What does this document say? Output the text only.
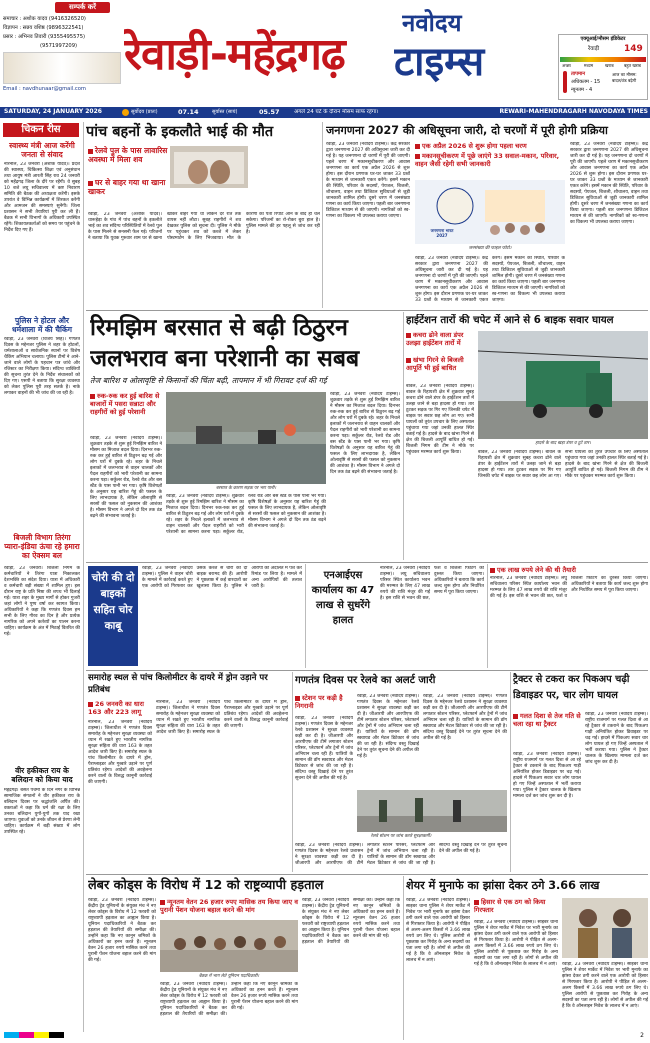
सम्पर्क करें
समाचार : अशोक यादव (9416326520)
विज्ञापन : सन्नय वशिष्ठ (9896322541)
प्रसार : अभिनव तिवारी (9355495575)
(9571997209)
Email : navdhunaar@gmail.com
रेवाड़ी-महेंद्रगढ़
नवोदय
टाइम्स	एक्यूआई/मौसम इंडिकेटर
रेवाड़ी	149
अच्छा	मध्यम	खराब	बहुत खराब
तापमान
अधिकतम - 15
न्यूनतम - 4
आज का मौसम: बादल/ठंड बढ़ेगी
SATURDAY, 24 JANUARY 2026	सूर्योदय (प्रातः)	07.14	सूर्यास्त (सायं)	05.57	अगले 24 घंटे के दौरान मौसम साफ रहेगा।	REWARI-MAHENDRAGARH NAVODAYA TIMES
चिकन रीस
स्वास्थ्य मंत्री आज करेंगी जनता से संवाद
नारनौल, 23 जनवरी (अशोक यादव)। प्रदेश की स्वास्थ्य, चिकित्सा शिक्षा एवं अनुसंधान तथा आयुष मंत्री आरती सिंह राव 24 जनवरी को महेंद्रगढ़ जिला के दौरे पर रहेंगी। वे सुबह 10 बजे लघु सचिवालय में कष्ट निवारण समिति की बैठक की अध्यक्षता करेंगी। इसके उपरांत वे विभिन्न कार्यक्रमों में शिरकत करेंगी और आमजन की समस्याएं सुनेंगी। जिला प्रशासन ने सभी तैयारियां पूरी कर ली हैं। बैठक में सभी विभागों के अधिकारी उपस्थित रहेंगे। शिकायतकर्ताओं को समय पर पहुंचने के निर्देश दिए गए हैं।
पुलिस ने होटल और धर्मशाला में की चैकिंग
रेवाड़ी, 23 जनवरी (विजय सिंह)। गणतंत्र दिवस के मद्देनजर पुलिस ने शहर के होटलों, धर्मशालाओं व सार्वजनिक स्थानों पर विशेष चैकिंग अभियान चलाया। पुलिस टीमों ने आने-जाने वाले लोगों के पहचान पत्र जांचे और रजिस्टर का निरीक्षण किया। संदिग्ध व्यक्तियों की सूचना तुरंत देने के निर्देश संचालकों को दिए गए। एसपी ने बताया कि सुरक्षा व्यवस्था को लेकर पुलिस पूरी तरह सतर्क है। नाके लगाकर वाहनों की भी जांच की जा रही है।
बिजली विभाग तिरंगा प्यारा-इंडिया ऊंचा रहे हमारा का ऐक्सम बल
रेवाड़ी, 23 जनवरी। बिजली निगम के कर्मचारियों ने तिरंगा यात्रा निकालकर देशभक्ति का संदेश दिया। यात्रा में अधिकारी व कर्मचारी बड़ी संख्या में शामिल हुए। इस दौरान राष्ट्र के प्रति निष्ठा की शपथ भी दिलाई गई। यात्रा शहर के मुख्य मार्गों से होकर गुजरी जहां लोगों ने पुष्प वर्षा कर स्वागत किया। अधिकारियों ने कहा कि गणतंत्र दिवस हम सभी के लिए गौरव का दिन है और प्रत्येक नागरिक को अपने कर्तव्यों का पालन करना चाहिए। कार्यक्रम के अंत में मिठाई वितरित की गई।
वीर हकीकत राय के बलिदान को किया याद
महेंद्रगढ़। बसंत पंचमी के दिन नगर के विभिन्न सामाजिक संगठनों ने वीर हकीकत राय के बलिदान दिवस पर श्रद्धांजलि अर्पित की। वक्ताओं ने कहा कि धर्म की रक्षा के लिए उनका बलिदान युगों-युगों तक याद रखा जाएगा। युवाओं को उनके जीवन से प्रेरणा लेनी चाहिए। कार्यक्रम में बड़ी संख्या में लोग उपस्थित रहे।
पांच बहनों के इकलौते भाई की मौत
रेलवे पुल के पास लावारिस अवस्था में मिला शव
घर से बाहर गया था खाना खाकर
रेवाड़ी, 23 जनवरी (अशोक यादव)। धारूहेड़ा के गांव में पांच बहनों के इकलौते भाई का शव संदिग्ध परिस्थितियों में रेलवे पुल के पास मिलने से सनसनी फैल गई। परिजनों ने बताया कि युवक गुरुवार शाम घर से खाना खाकर बाहर गया था लेकिन देर रात तक वापस नहीं लौटा। सुबह राहगीरों ने शव देखकर पुलिस को सूचना दी। पुलिस ने मौके पर पहुंचकर शव को कब्जे में लेकर पोस्टमार्टम के लिए भिजवाया। मौत के कारणों का पता रिपोर्ट आने के बाद ही चल सकेगा। परिजनों का रो-रोकर बुरा हाल है। पुलिस मामले की हर पहलू से जांच कर रही है।
जनगणना 2027 की अधिसूचना जारी, दो चरणों में पूरी होगी प्रक्रिया
रेवाड़ी, 23 जनवरी (नवोदय टाइम्स)। केंद्र सरकार द्वारा जनगणना 2027 की अधिसूचना जारी कर दी गई है। यह जनगणना दो चरणों में पूरी की जाएगी। पहले चरण में मकानसूचीकरण और आवास जनगणना का कार्य एक अप्रैल 2026 से शुरू होगा। इस दौरान प्रगणक घर-घर जाकर 33 प्रश्नों के माध्यम से जानकारी एकत्र करेंगे। इसमें मकान की स्थिति, परिवार के सदस्यों, पेयजल, बिजली, शौचालय, वाहन तथा डिजिटल सुविधाओं से जुड़ी जानकारी शामिल होगी। दूसरे चरण में जनसंख्या गणना का कार्य किया जाएगा। पहली बार जनगणना डिजिटल माध्यम से की जाएगी। नागरिकों को स्व-गणना का विकल्प भी उपलब्ध कराया जाएगा।
एक अप्रैल 2026 से शुरू होगा पहला चरण
मकानसूचीकरण में पूछे जाएंगे 33 सवाल-मकान, परिवार, वाहन जैसी रहेगी सभी जानकारी
जनगणना भारत 2027
जनसंख्या की फाइल फोटो।
रेवाड़ी, 23 जनवरी (नवोदय टाइम्स)। केंद्र सरकार द्वारा जनगणना 2027 की अधिसूचना जारी कर दी गई है। यह जनगणना दो चरणों में पूरी की जाएगी। पहले चरण में मकानसूचीकरण और आवास जनगणना का कार्य एक अप्रैल 2026 से शुरू होगा। इस दौरान प्रगणक घर-घर जाकर 33 प्रश्नों के माध्यम से जानकारी एकत्र करेंगे। इसमें मकान की स्थिति, परिवार के सदस्यों, पेयजल, बिजली, शौचालय, वाहन तथा डिजिटल सुविधाओं से जुड़ी जानकारी शामिल होगी। दूसरे चरण में जनसंख्या गणना का कार्य किया जाएगा। पहली बार जनगणना डिजिटल माध्यम से की जाएगी। नागरिकों को स्व-गणना का विकल्प भी उपलब्ध कराया जाएगा।
रेवाड़ी, 23 जनवरी (नवोदय टाइम्स)। केंद्र सरकार द्वारा जनगणना 2027 की अधिसूचना जारी कर दी गई है। यह जनगणना दो चरणों में पूरी की जाएगी। पहले चरण में मकानसूचीकरण और आवास जनगणना का कार्य एक अप्रैल 2026 से शुरू होगा। इस दौरान प्रगणक घर-घर जाकर 33 प्रश्नों के माध्यम से जानकारी एकत्र करेंगे। इसमें मकान की स्थिति, परिवार के सदस्यों, पेयजल, बिजली, शौचालय, वाहन तथा डिजिटल सुविधाओं से जुड़ी जानकारी शामिल होगी। दूसरे चरण में जनसंख्या गणना का कार्य किया जाएगा। पहली बार जनगणना डिजिटल माध्यम से की जाएगी। नागरिकों को स्व-गणना का विकल्प भी उपलब्ध कराया जाएगा।
रिमझिम बरसात से बढ़ी ठिठुरन
जलभराव बना परेशानी का सबब
तेज बारिश व ओलावृष्टि से किसानों की चिंता बढ़ी, तापमान में भी गिरावट दर्ज की गई
रुक-रुक कर हुई बारिश से बाजारों में पसरा सन्नाटा और राहगीरों को हुई परेशानी
रेवाड़ी, 23 जनवरी (नवोदय टाइम्स)। शुक्रवार तड़के से शुरू हुई रिमझिम बारिश ने मौसम का मिजाज बदल दिया। दिनभर रुक-रुक कर हुई बारिश से ठिठुरन बढ़ गई और लोग घरों में दुबके रहे। शहर के निचले इलाकों में जलभराव से वाहन चालकों और पैदल राहगीरों को भारी परेशानी का सामना करना पड़ा। सर्कुलर रोड, रेलवे रोड और बस स्टैंड के पास पानी भर गया। कृषि विशेषज्ञों के अनुसार यह बारिश गेहूं की फसल के लिए लाभदायक है, लेकिन ओलावृष्टि से सरसों की फसल को नुकसान की आशंका है। मौसम विभाग ने अगले दो दिन तक ठंड बढ़ने की संभावना जताई है।
बरसात के कारण सड़क पर भरा पानी।
रेवाड़ी, 23 जनवरी (नवोदय टाइम्स)। शुक्रवार तड़के से शुरू हुई रिमझिम बारिश ने मौसम का मिजाज बदल दिया। दिनभर रुक-रुक कर हुई बारिश से ठिठुरन बढ़ गई और लोग घरों में दुबके रहे। शहर के निचले इलाकों में जलभराव से वाहन चालकों और पैदल राहगीरों को भारी परेशानी का सामना करना पड़ा। सर्कुलर रोड, रेलवे रोड और बस स्टैंड के पास पानी भर गया। कृषि विशेषज्ञों के अनुसार यह बारिश गेहूं की फसल के लिए लाभदायक है, लेकिन ओलावृष्टि से सरसों की फसल को नुकसान की आशंका है। मौसम विभाग ने अगले दो दिन तक ठंड बढ़ने की संभावना जताई है।
रेवाड़ी, 23 जनवरी (नवोदय टाइम्स)। शुक्रवार तड़के से शुरू हुई रिमझिम बारिश ने मौसम का मिजाज बदल दिया। दिनभर रुक-रुक कर हुई बारिश से ठिठुरन बढ़ गई और लोग घरों में दुबके रहे। शहर के निचले इलाकों में जलभराव से वाहन चालकों और पैदल राहगीरों को भारी परेशानी का सामना करना पड़ा। सर्कुलर रोड, रेलवे रोड और बस स्टैंड के पास पानी भर गया। कृषि विशेषज्ञों के अनुसार यह बारिश गेहूं की फसल के लिए लाभदायक है, लेकिन ओलावृष्टि से सरसों की फसल को नुकसान की आशंका है। मौसम विभाग ने अगले दो दिन तक ठंड बढ़ने की संभावना जताई है।
हाईटेंशन तारों की चपेट में आने से 6 बाइक सवार घायल
कचरा ढोने वाला डंपर उलझा हाईटेंशन तारों में
खंभा गिरने से बिजली आपूर्ति भी हुई बाधित
बावल, 23 जनवरी (नवोदय टाइम्स)। बावल के रिहायशी क्षेत्र में शुक्रवार सुबह कचरा ढोने वाले डंपर के हाईटेंशन तारों में उलझ जाने से बड़ा हादसा हो गया। तार टूटकर सड़क पर गिर गए जिनकी चपेट में बाइक पर सवार छह लोग आ गए। सभी घायलों को तुरंत उपचार के लिए अस्पताल पहुंचाया गया जहां उनकी हालत स्थिर बताई गई है। हादसे के बाद खंभा गिरने से क्षेत्र की बिजली आपूर्ति बाधित हो गई। बिजली निगम की टीम ने मौके पर पहुंचकर मरम्मत कार्य शुरू किया।
हादसे के बाद खड़ा डंपर व टूटे तार।
बावल, 23 जनवरी (नवोदय टाइम्स)। बावल के रिहायशी क्षेत्र में शुक्रवार सुबह कचरा ढोने वाले डंपर के हाईटेंशन तारों में उलझ जाने से बड़ा हादसा हो गया। तार टूटकर सड़क पर गिर गए जिनकी चपेट में बाइक पर सवार छह लोग आ गए। सभी घायलों को तुरंत उपचार के लिए अस्पताल पहुंचाया गया जहां उनकी हालत स्थिर बताई गई है। हादसे के बाद खंभा गिरने से क्षेत्र की बिजली आपूर्ति बाधित हो गई। बिजली निगम की टीम ने मौके पर पहुंचकर मरम्मत कार्य शुरू किया।
चोरी की दो बाइकों सहित चोर काबू
रेवाड़ी, 23 जनवरी (नवोदय टाइम्स)। पुलिस ने वाहन चोरी के मामले में कार्रवाई करते हुए एक आरोपी को गिरफ्तार कर उसके कब्जे से चोरी की दो बाइक बरामद की हैं। आरोपी ने पूछताछ में कई वारदातों का खुलासा किया है। पुलिस ने आरोपी को अदालत में पेश कर रिमांड पर लिया है। मामले में अन्य आरोपियों की तलाश जारी है।
एनआईएस कार्यालय का 47 लाख से सुधरेंगे हालत
नारनौल, 23 जनवरी (नवोदय टाइम्स)। लघु सचिवालय परिसर स्थित कार्यालय भवन की मरम्मत के लिए 47 लाख रुपये की राशि मंजूर की गई है। इस राशि से भवन की छत, फर्श व बिजली फिटिंग को दुरुस्त किया जाएगा। अधिकारियों ने बताया कि कार्य जल्द शुरू होगा और निर्धारित समय में पूरा किया जाएगा।
एक लाख रुपये लेने की थी तैयारी
नारनौल, 23 जनवरी (नवोदय टाइम्स)। लघु सचिवालय परिसर स्थित कार्यालय भवन की मरम्मत के लिए 47 लाख रुपये की राशि मंजूर की गई है। इस राशि से भवन की छत, फर्श व बिजली फिटिंग को दुरुस्त किया जाएगा। अधिकारियों ने बताया कि कार्य जल्द शुरू होगा और निर्धारित समय में पूरा किया जाएगा।
समारोह स्थल से पांच किलोमीटर के दायरे में ड्रोन उड़ाने पर प्रतिबंध
26 जनवरी का धारा 163 और 223 लागू
नारनौल, 23 जनवरी (नवोदय टाइम्स)। जिलाधीश ने गणतंत्र दिवस समारोह के मद्देनजर सुरक्षा व्यवस्था को ध्यान में रखते हुए भारतीय नागरिक सुरक्षा संहिता की धारा 163 के तहत आदेश जारी किए हैं। समारोह स्थल के पांच किलोमीटर के दायरे में ड्रोन, पैराग्लाइडर और गुब्बारे उड़ाने पर पूर्ण प्रतिबंध रहेगा। आदेशों की अवहेलना करने वालों के विरुद्ध कानूनी कार्रवाई की जाएगी।
नारनौल, 23 जनवरी (नवोदय टाइम्स)। जिलाधीश ने गणतंत्र दिवस समारोह के मद्देनजर सुरक्षा व्यवस्था को ध्यान में रखते हुए भारतीय नागरिक सुरक्षा संहिता की धारा 163 के तहत आदेश जारी किए हैं। समारोह स्थल के पांच किलोमीटर के दायरे में ड्रोन, पैराग्लाइडर और गुब्बारे उड़ाने पर पूर्ण प्रतिबंध रहेगा। आदेशों की अवहेलना करने वालों के विरुद्ध कानूनी कार्रवाई की जाएगी।
गणतंत्र दिवस पर रेलवे का अलर्ट जारी
स्टेशन पर कड़ी है निगरानी
रेवाड़ी, 23 जनवरी (नवोदय टाइम्स)। गणतंत्र दिवस के मद्देनजर रेलवे प्रशासन ने सुरक्षा व्यवस्था कड़ी कर दी है। जीआरपी और आरपीएफ की टीमें लगातार स्टेशन परिसर, प्लेटफार्म और ट्रेनों में जांच अभियान चला रही हैं। यात्रियों के सामान की डॉग स्क्वायड और मेटल डिटेक्टर से जांच की जा रही है। संदिग्ध वस्तु दिखाई देने पर तुरंत सूचना देने की अपील की गई है।
रेवाड़ी, 23 जनवरी (नवोदय टाइम्स)। गणतंत्र दिवस के मद्देनजर रेलवे प्रशासन ने सुरक्षा व्यवस्था कड़ी कर दी है। जीआरपी और आरपीएफ की टीमें लगातार स्टेशन परिसर, प्लेटफार्म और ट्रेनों में जांच अभियान चला रही हैं। यात्रियों के सामान की डॉग स्क्वायड और मेटल डिटेक्टर से जांच की जा रही है। संदिग्ध वस्तु दिखाई देने पर तुरंत सूचना देने की अपील की गई है।
रेवाड़ी, 23 जनवरी (नवोदय टाइम्स)। गणतंत्र दिवस के मद्देनजर रेलवे प्रशासन ने सुरक्षा व्यवस्था कड़ी कर दी है। जीआरपी और आरपीएफ की टीमें लगातार स्टेशन परिसर, प्लेटफार्म और ट्रेनों में जांच अभियान चला रही हैं। यात्रियों के सामान की डॉग स्क्वायड और मेटल डिटेक्टर से जांच की जा रही है। संदिग्ध वस्तु दिखाई देने पर तुरंत सूचना देने की अपील की गई है।
रेलवे स्टेशन पर जांच करते सुरक्षाकर्मी।
रेवाड़ी, 23 जनवरी (नवोदय टाइम्स)। गणतंत्र दिवस के मद्देनजर रेलवे प्रशासन ने सुरक्षा व्यवस्था कड़ी कर दी है। जीआरपी और आरपीएफ की टीमें लगातार स्टेशन परिसर, प्लेटफार्म और ट्रेनों में जांच अभियान चला रही हैं। यात्रियों के सामान की डॉग स्क्वायड और मेटल डिटेक्टर से जांच की जा रही है। संदिग्ध वस्तु दिखाई देने पर तुरंत सूचना देने की अपील की गई है।
ट्रैक्टर से टकरा कर पिकअप चढ़ी डिवाइडर पर, चार लोग घायल
गलत दिशा से तेज गति से चला रहा था ट्रैक्टर
रेवाड़ी, 23 जनवरी (नवोदय टाइम्स)। राष्ट्रीय राजमार्ग पर गलत दिशा से आ रहे ट्रैक्टर से टकराने के बाद पिकअप गाड़ी अनियंत्रित होकर डिवाइडर पर चढ़ गई। हादसे में पिकअप सवार चार लोग घायल हो गए जिन्हें अस्पताल में भर्ती कराया गया। पुलिस ने ट्रैक्टर चालक के खिलाफ मामला दर्ज कर जांच शुरू कर दी है।
रेवाड़ी, 23 जनवरी (नवोदय टाइम्स)। राष्ट्रीय राजमार्ग पर गलत दिशा से आ रहे ट्रैक्टर से टकराने के बाद पिकअप गाड़ी अनियंत्रित होकर डिवाइडर पर चढ़ गई। हादसे में पिकअप सवार चार लोग घायल हो गए जिन्हें अस्पताल में भर्ती कराया गया। पुलिस ने ट्रैक्टर चालक के खिलाफ मामला दर्ज कर जांच शुरू कर दी है।
लेबर कोड्स के विरोध में 12 को राष्ट्रव्यापी हड़ताल
रेवाड़ी, 23 जनवरी (नवोदय टाइम्स)। केंद्रीय ट्रेड यूनियनों के संयुक्त मंच ने नए लेबर कोड्स के विरोध में 12 फरवरी को राष्ट्रव्यापी हड़ताल का आह्वान किया है। यूनियन पदाधिकारियों ने बैठक कर हड़ताल की तैयारियों की समीक्षा की। उन्होंने कहा कि नए कानून श्रमिकों के अधिकारों का हनन करते हैं। न्यूनतम वेतन 26 हजार रुपये मासिक करने तथा पुरानी पेंशन योजना बहाल करने की मांग की गई।
न्यूनतम वेतन 26 हजार रुपए मासिक तय किया जाए व पुरानी पेंशन योजना बहाल करने की मांग
बैठक में भाग लेते यूनियन पदाधिकारी।
रेवाड़ी, 23 जनवरी (नवोदय टाइम्स)। केंद्रीय ट्रेड यूनियनों के संयुक्त मंच ने नए लेबर कोड्स के विरोध में 12 फरवरी को राष्ट्रव्यापी हड़ताल का आह्वान किया है। यूनियन पदाधिकारियों ने बैठक कर हड़ताल की तैयारियों की समीक्षा की। उन्होंने कहा कि नए कानून श्रमिकों के अधिकारों का हनन करते हैं। न्यूनतम वेतन 26 हजार रुपये मासिक करने तथा पुरानी पेंशन योजना बहाल करने की मांग की गई।
रेवाड़ी, 23 जनवरी (नवोदय टाइम्स)। केंद्रीय ट्रेड यूनियनों के संयुक्त मंच ने नए लेबर कोड्स के विरोध में 12 फरवरी को राष्ट्रव्यापी हड़ताल का आह्वान किया है। यूनियन पदाधिकारियों ने बैठक कर हड़ताल की तैयारियों की समीक्षा की। उन्होंने कहा कि नए कानून श्रमिकों के अधिकारों का हनन करते हैं। न्यूनतम वेतन 26 हजार रुपये मासिक करने तथा पुरानी पेंशन योजना बहाल करने की मांग की गई।
शेयर में मुनाफे का झांसा देकर ठगे 3.66 लाख
रेवाड़ी, 23 जनवरी (नवोदय टाइम्स)। साइबर थाना पुलिस ने शेयर मार्केट में निवेश पर भारी मुनाफे का झांसा देकर ठगी करने वाले एक आरोपी को हिसार से गिरफ्तार किया है। आरोपी ने पीड़ित से अलग-अलग किस्तों में 3.66 लाख रुपये ठग लिए थे। पुलिस आरोपी से पूछताछ कर गिरोह के अन्य सदस्यों का पता लगा रही है। लोगों से अपील की गई है कि वे ऑनलाइन निवेश के लालच में न आएं।
हिसार से एक ठग को किया गिरफ्तार
रेवाड़ी, 23 जनवरी (नवोदय टाइम्स)। साइबर थाना पुलिस ने शेयर मार्केट में निवेश पर भारी मुनाफे का झांसा देकर ठगी करने वाले एक आरोपी को हिसार से गिरफ्तार किया है। आरोपी ने पीड़ित से अलग-अलग किस्तों में 3.66 लाख रुपये ठग लिए थे। पुलिस आरोपी से पूछताछ कर गिरोह के अन्य सदस्यों का पता लगा रही है। लोगों से अपील की गई है कि वे ऑनलाइन निवेश के लालच में न आएं। रेवाड़ी, 23 जनवरी (नवोदय टाइम्स)। साइबर थाना पुलिस ने शेयर मार्केट में निवेश पर भारी मुनाफे का झांसा देकर ठगी करने वाले एक आरोपी को हिसार से गिरफ्तार किया है। आरोपी ने पीड़ित से अलग-अलग किस्तों में 3.66 लाख रुपये ठग लिए थे। पुलिस आरोपी से पूछताछ कर गिरोह के अन्य सदस्यों का पता लगा रही है। लोगों से अपील की गई है कि वे ऑनलाइन निवेश के लालच में न आएं।
2
